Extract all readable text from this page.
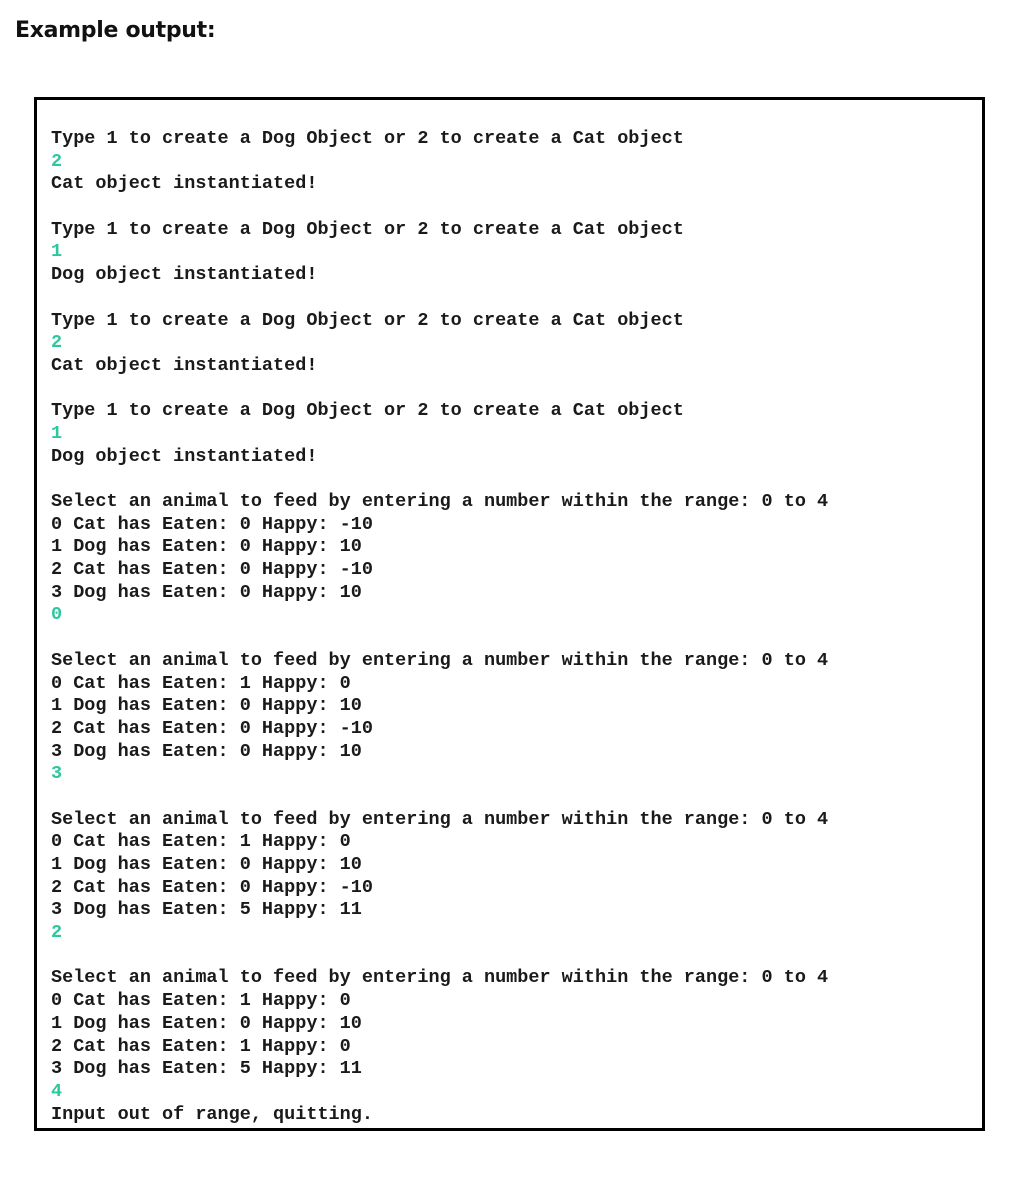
Example output:
Type 1 to create a Dog Object or 2 to create a Cat object
2
Cat object instantiated!
Type 1 to create a Dog Object or 2 to create a Cat object
1
Dog object instantiated!
Type 1 to create a Dog Object or 2 to create a Cat object
2
Cat object instantiated!
Type 1 to create a Dog Object or 2 to create a Cat object
1
Dog object instantiated!
Select an animal to feed by entering a number within the range: 0 to 4
0 Cat has Eaten: 0 Happy: -10
1 Dog has Eaten: 0 Happy: 10
2 Cat has Eaten: 0 Happy: -10
3 Dog has Eaten: 0 Happy: 10
0
Select an animal to feed by entering a number within the range: 0 to 4
0 Cat has Eaten: 1 Happy: 0
1 Dog has Eaten: 0 Happy: 10
2 Cat has Eaten: 0 Happy: -10
3 Dog has Eaten: 0 Happy: 10
3
Select an animal to feed by entering a number within the range: 0 to 4
0 Cat has Eaten: 1 Happy: 0
1 Dog has Eaten: 0 Happy: 10
2 Cat has Eaten: 0 Happy: -10
3 Dog has Eaten: 5 Happy: 11
2
Select an animal to feed by entering a number within the range: 0 to 4
0 Cat has Eaten: 1 Happy: 0
1 Dog has Eaten: 0 Happy: 10
2 Cat has Eaten: 1 Happy: 0
3 Dog has Eaten: 5 Happy: 11
4
Input out of range, quitting.
